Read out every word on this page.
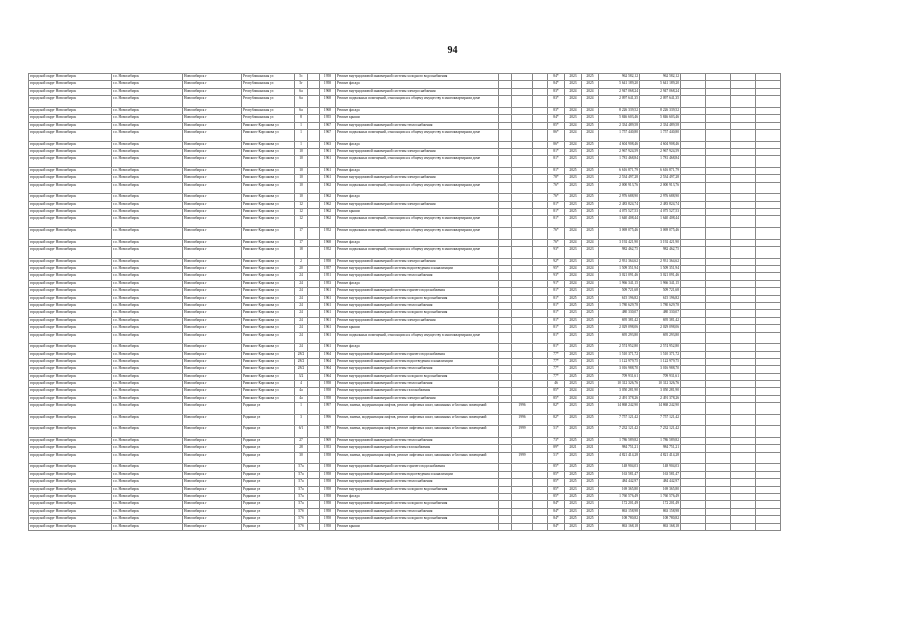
94
городской округ Новосибирск	г.о. Новосибирск	Новосибирск г	Республиканская ул	5с		1958	Ремонт внутридомовой инженерной системы холодного водоснабжения				84*	2023	2025	962 582,12	962 582,12				
городской округ Новосибирск	г.о. Новосибирск	Новосибирск г	Республиканская ул	5г		1958	Ремонт фасада				84*	2023	2025	5 641 189,20	5 641 189,20				
городской округ Новосибирск	г.о. Новосибирск	Новосибирск г	Республиканская ул	6а		1968	Ремонт внутридомовой инженерной системы электроснабжения				83*	2024	2024	2 947 068,24	2 947 068,24				
городской округ Новосибирск	г.о. Новосибирск	Новосибирск г	Республиканская ул	6а		1968	Ремонт подвальных помещений, относящихся к общему имуществу в многоквартирном доме				83*	2024	2024	2 097 641,35	2 097 641,35				
городской округ Новосибирск	г.о. Новосибирск	Новосибирск г	Республиканская ул	6а		1968	Ремонт фасада				83*	2024	2024	8 226 339,52	8 226 339,52				
городской округ Новосибирск	г.о. Новосибирск	Новосибирск г	Республиканская ул	8		1955	Ремонт крыши				84*	2023	2023	5 846 603,46	5 846 603,46				
городской округ Новосибирск	г.о. Новосибирск	Новосибирск г	Римского-Корсакова ул	1		1967	Ремонт внутридомовой инженерной системы теплоснабжения				85*	2024	2025	2 334 489,58	2 334 489,58				
городской округ Новосибирск	г.о. Новосибирск	Новосибирск г	Римского-Корсакова ул	1		1967	Ремонт подвальных помещений, относящихся к общему имуществу в многоквартирном доме				86*	2024	2024	1 757 440,80	1 757 440,80				
городской округ Новосибирск	г.о. Новосибирск	Новосибирск г	Римского-Корсакова ул	1		1963	Ремонт фасада				86*	2024	2025	4 604 908,46	4 604 908,46				
городской округ Новосибирск	г.о. Новосибирск	Новосибирск г	Римского-Корсакова ул	10		1961	Ремонт внутридомовой инженерной системы электроснабжения				81*	2023	2025	2 967 924,59	2 967 924,59				
городской округ Новосибирск	г.о. Новосибирск	Новосибирск г	Римского-Корсакова ул	10		1961	Ремонт подвальных помещений, относящихся к общему имуществу в многоквартирном доме				81*	2023	2023	1 781 468,84	1 781 468,84				
городской округ Новосибирск	г.о. Новосибирск	Новосибирск г	Римского-Корсакова ул	10		1961	Ремонт фасада				81*	2025	2025	6 616 871,79	6 616 871,79				
городской округ Новосибирск	г.о. Новосибирск	Новосибирск г	Римского-Корсакова ул	10		1961	Ремонт внутридомовой инженерной системы электроснабжения				78*	2023	2023	2 534 497,28	2 534 497,28				
городской округ Новосибирск	г.о. Новосибирск	Новосибирск г	Римского-Корсакова ул	10		1962	Ремонт подвальных помещений, относящихся к общему имуществу в многоквартирном доме				76*	2023	2025	2 000 913,76	2 000 913,76				
городской округ Новосибирск	г.о. Новосибирск	Новосибирск г	Римского-Корсакова ул	10		1962	Ремонт фасада				76*	2023	2025	2 976 688,90	2 976 688,90				
городской округ Новосибирск	г.о. Новосибирск	Новосибирск г	Римского-Корсакова ул	12		1962	Ремонт внутридомовой инженерной системы электроснабжения				81*	2023	2025	2 483 824,74	2 483 824,74				
городской округ Новосибирск	г.о. Новосибирск	Новосибирск г	Римского-Корсакова ул	12		1962	Ремонт крыши				81*	2025	2025	4 075 527,53	4 075 527,53				
городской округ Новосибирск	г.о. Новосибирск	Новосибирск г	Римского-Корсакова ул	12		1962	Ремонт подвальных помещений, относящихся к общему имуществу в многоквартирном доме				81*	2023	2025	1 640 408,44	1 640 408,44				
городской округ Новосибирск	г.о. Новосибирск	Новосибирск г	Римского-Корсакова ул	17		1952	Ремонт подвальных помещений, относящихся к общему имуществу в многоквартирном доме				76*	2024	2025	3 069 075,46	3 069 075,46				
городской округ Новосибирск	г.о. Новосибирск	Новосибирск г	Римского-Корсакова ул	17		1968	Ремонт фасада				76*	2024	2024	3 192 421,90	3 192 421,90				
городской округ Новосибирск	г.о. Новосибирск	Новосибирск г	Римского-Корсакова ул	18		1952	Ремонт подвальных помещений, относящихся к общему имуществу в многоквартирном доме				93*	2023	2023	982 462,75	982 462,75				
городской округ Новосибирск	г.о. Новосибирск	Новосибирск г	Римского-Корсакова ул	2		1958	Ремонт внутридомовой инженерной системы электроснабжения				92*	2023	2023	2 931 364,62	2 931 364,62				
городской округ Новосибирск	г.о. Новосибирск	Новосибирск г	Римского-Корсакова ул	20		1957	Ремонт внутридомовой инженерной системы водоотведения и канализации				95*	2024	2024	1 509 351,94	1 509 351,94				
городской округ Новосибирск	г.о. Новосибирск	Новосибирск г	Римского-Корсакова ул	24		1951	Ремонт внутридомовой инженерной системы теплоснабжения				93*	2024	2024	3 021 091,46	3 021 091,46				
городской округ Новосибирск	г.о. Новосибирск	Новосибирск г	Римского-Корсакова ул	24		1953	Ремонт фасада				91*	2024	2024	1 966 341,15	1 966 341,15				
городской округ Новосибирск	г.о. Новосибирск	Новосибирск г	Римского-Корсакова ул	24		1961	Ремонт внутридомовой инженерной системы горячего водоснабжения				81*	2023	2023	509 721,68	509 721,68				
городской округ Новосибирск	г.о. Новосибирск	Новосибирск г	Римского-Корсакова ул	24		1961	Ремонт внутридомовой инженерной системы холодного водоснабжения				81*	2025	2025	615 196,82	615 196,82				
городской округ Новосибирск	г.о. Новосибирск	Новосибирск г	Римского-Корсакова ул	24		1961	Ремонт внутридомовой инженерной системы теплоснабжения				81*	2025	2025	1 780 629,78	1 780 629,78				
городской округ Новосибирск	г.о. Новосибирск	Новосибирск г	Римского-Корсакова ул	24		1961	Ремонт внутридомовой инженерной системы холодного водоснабжения				81*	2023	2025	480 330,07	480 330,07				
городской округ Новосибирск	г.о. Новосибирск	Новосибирск г	Римского-Корсакова ул	24		1961	Ремонт внутридомовой инженерной системы электроснабжения				81*	2023	2025	695 381,42	695 381,42				
городской округ Новосибирск	г.о. Новосибирск	Новосибирск г	Римского-Корсакова ул	24		1961	Ремонт крыши				81*	2023	2025	2 029 098,06	2 029 098,06				
городской округ Новосибирск	г.о. Новосибирск	Новосибирск г	Римского-Корсакова ул	24		1961	Ремонт подвальных помещений, относящихся к общему имуществу в многоквартирном доме				81*	2023	2025	695 293,80	695 293,80				
городской округ Новосибирск	г.о. Новосибирск	Новосибирск г	Римского-Корсакова ул	24		1961	Ремонт фасада				81*	2023	2025	2 574 952,80	2 574 952,80				
городской округ Новосибирск	г.о. Новосибирск	Новосибирск г	Римского-Корсакова ул	28/2		1964	Ремонт внутридомовой инженерной системы горячего водоснабжения				77*	2023	2023	1 510 371,72	1 510 371,72				
городской округ Новосибирск	г.о. Новосибирск	Новосибирск г	Римского-Корсакова ул	28/2		1964	Ремонт внутридомовой инженерной системы водоотведения и канализации				77*	2023	2023	1 122 979,75	1 122 979,75				
городской округ Новосибирск	г.о. Новосибирск	Новосибирск г	Римского-Корсакова ул	28/2		1964	Ремонт внутридомовой инженерной системы теплоснабжения				77*	2023	2023	3 016 988,70	3 016 988,70				
городской округ Новосибирск	г.о. Новосибирск	Новосибирск г	Римского-Корсакова ул	3/2		1964	Ремонт внутридомовой инженерной системы холодного водоснабжения				77*	2025	2025	709 931,61	709 931,61				
городской округ Новосибирск	г.о. Новосибирск	Новосибирск г	Римского-Корсакова ул	4		1958	Ремонт внутридомовой инженерной системы теплоснабжения				46	2023	2023	10 312 326,76	10 312 326,76				
городской округ Новосибирск	г.о. Новосибирск	Новосибирск г	Римского-Корсакова ул	4а		1958	Ремонт внутридомовой инженерной системы газоснабжения				85*	2024	2024	3 050 281,90	3 050 281,90				
городской округ Новосибирск	г.о. Новосибирск	Новосибирск г	Римского-Корсакова ул	4а		1958	Ремонт внутридомовой инженерной системы электроснабжения				85*	2024	2024	2 491 378,26	2 491 378,26				
городской округ Новосибирск	г.о. Новосибирск	Новосибирск г	Родники ул	1		1997	Ремонт, замена, модернизация лифтов, ремонт лифтовых шахт, машинных и блочных помещений		1996		82*	2023	2025	14 868 242,90	14 868 242,90				
городской округ Новосибирск	г.о. Новосибирск	Новосибирск г	Родники ул	3		1996	Ремонт, замена, модернизация лифтов, ремонт лифтовых шахт, машинных и блочных помещений		1996		82*	2023	2025	7 757 121,42	7 757 121,42				
городской округ Новосибирск	г.о. Новосибирск	Новосибирск г	Родники ул	6/1		1997	Ремонт, замена, модернизация лифтов, ремонт лифтовых шахт, машинных и блочных помещений		1999		51*	2023	2025	7 232 121,42	7 232 121,42				
городской округ Новосибирск	г.о. Новосибирск	Новосибирск г	Родники ул	27		1969	Ремонт внутридомовой инженерной системы теплоснабжения				73*	2025	2025	1 786 589,82	1 786 589,82				
городской округ Новосибирск	г.о. Новосибирск	Новосибирск г	Родники ул	28		1953	Ремонт внутридомовой инженерной системы газоснабжения				89*	2021	2021	984 751,21	984 751,21				
городской округ Новосибирск	г.о. Новосибирск	Новосибирск г	Родники ул	30		1958	Ремонт, замена, модернизация лифтов, ремонт лифтовых шахт, машинных и блочных помещений		1999		51*	2023	2025	4 821 414,28	4 821 414,28				
городской округ Новосибирск	г.о. Новосибирск	Новосибирск г	Родники ул	57а		1958	Ремонт внутридомовой инженерной системы горячего водоснабжения				85*	2025	2025	148 904,03	148 904,03				
городской округ Новосибирск	г.о. Новосибирск	Новосибирск г	Родники ул	57а		1958	Ремонт внутридомовой инженерной системы водоотведения и канализации				85*	2025	2025	163 581,47	163 581,47				
городской округ Новосибирск	г.о. Новосибирск	Новосибирск г	Родники ул	57а		1958	Ремонт внутридомовой инженерной системы теплоснабжения				85*	2025	2025	484 442,97	484 442,97				
городской округ Новосибирск	г.о. Новосибирск	Новосибирск г	Родники ул	57а		1958	Ремонт внутридомовой инженерной системы холодного водоснабжения				85*	2023	2023	169 365,80	169 365,80				
городской округ Новосибирск	г.о. Новосибирск	Новосибирск г	Родники ул	57а		1958	Ремонт фасада				85*	2025	2025	1 760 576,49	1 760 576,49				
городской округ Новосибирск	г.о. Новосибирск	Новосибирск г	Родники ул	57а		1958	Ремонт внутридомовой инженерной системы холодного водоснабжения				84*	2023	2023	172 201,49	172 201,49				
городской округ Новосибирск	г.о. Новосибирск	Новосибирск г	Родники ул	57б		1958	Ремонт внутридомовой инженерной системы теплоснабжения				84*	2023	2025	863 158,98	863 158,98				
городской округ Новосибирск	г.о. Новосибирск	Новосибирск г	Родники ул	57б		1958	Ремонт внутридомовой инженерной системы холодного водоснабжения				84*	2025	2025	108 780,82	108 780,82				
городской округ Новосибирск	г.о. Новосибирск	Новосибирск г	Родники ул	57б		1958	Ремонт крыши				84*	2023	2025	863 168,18	863 168,18				
